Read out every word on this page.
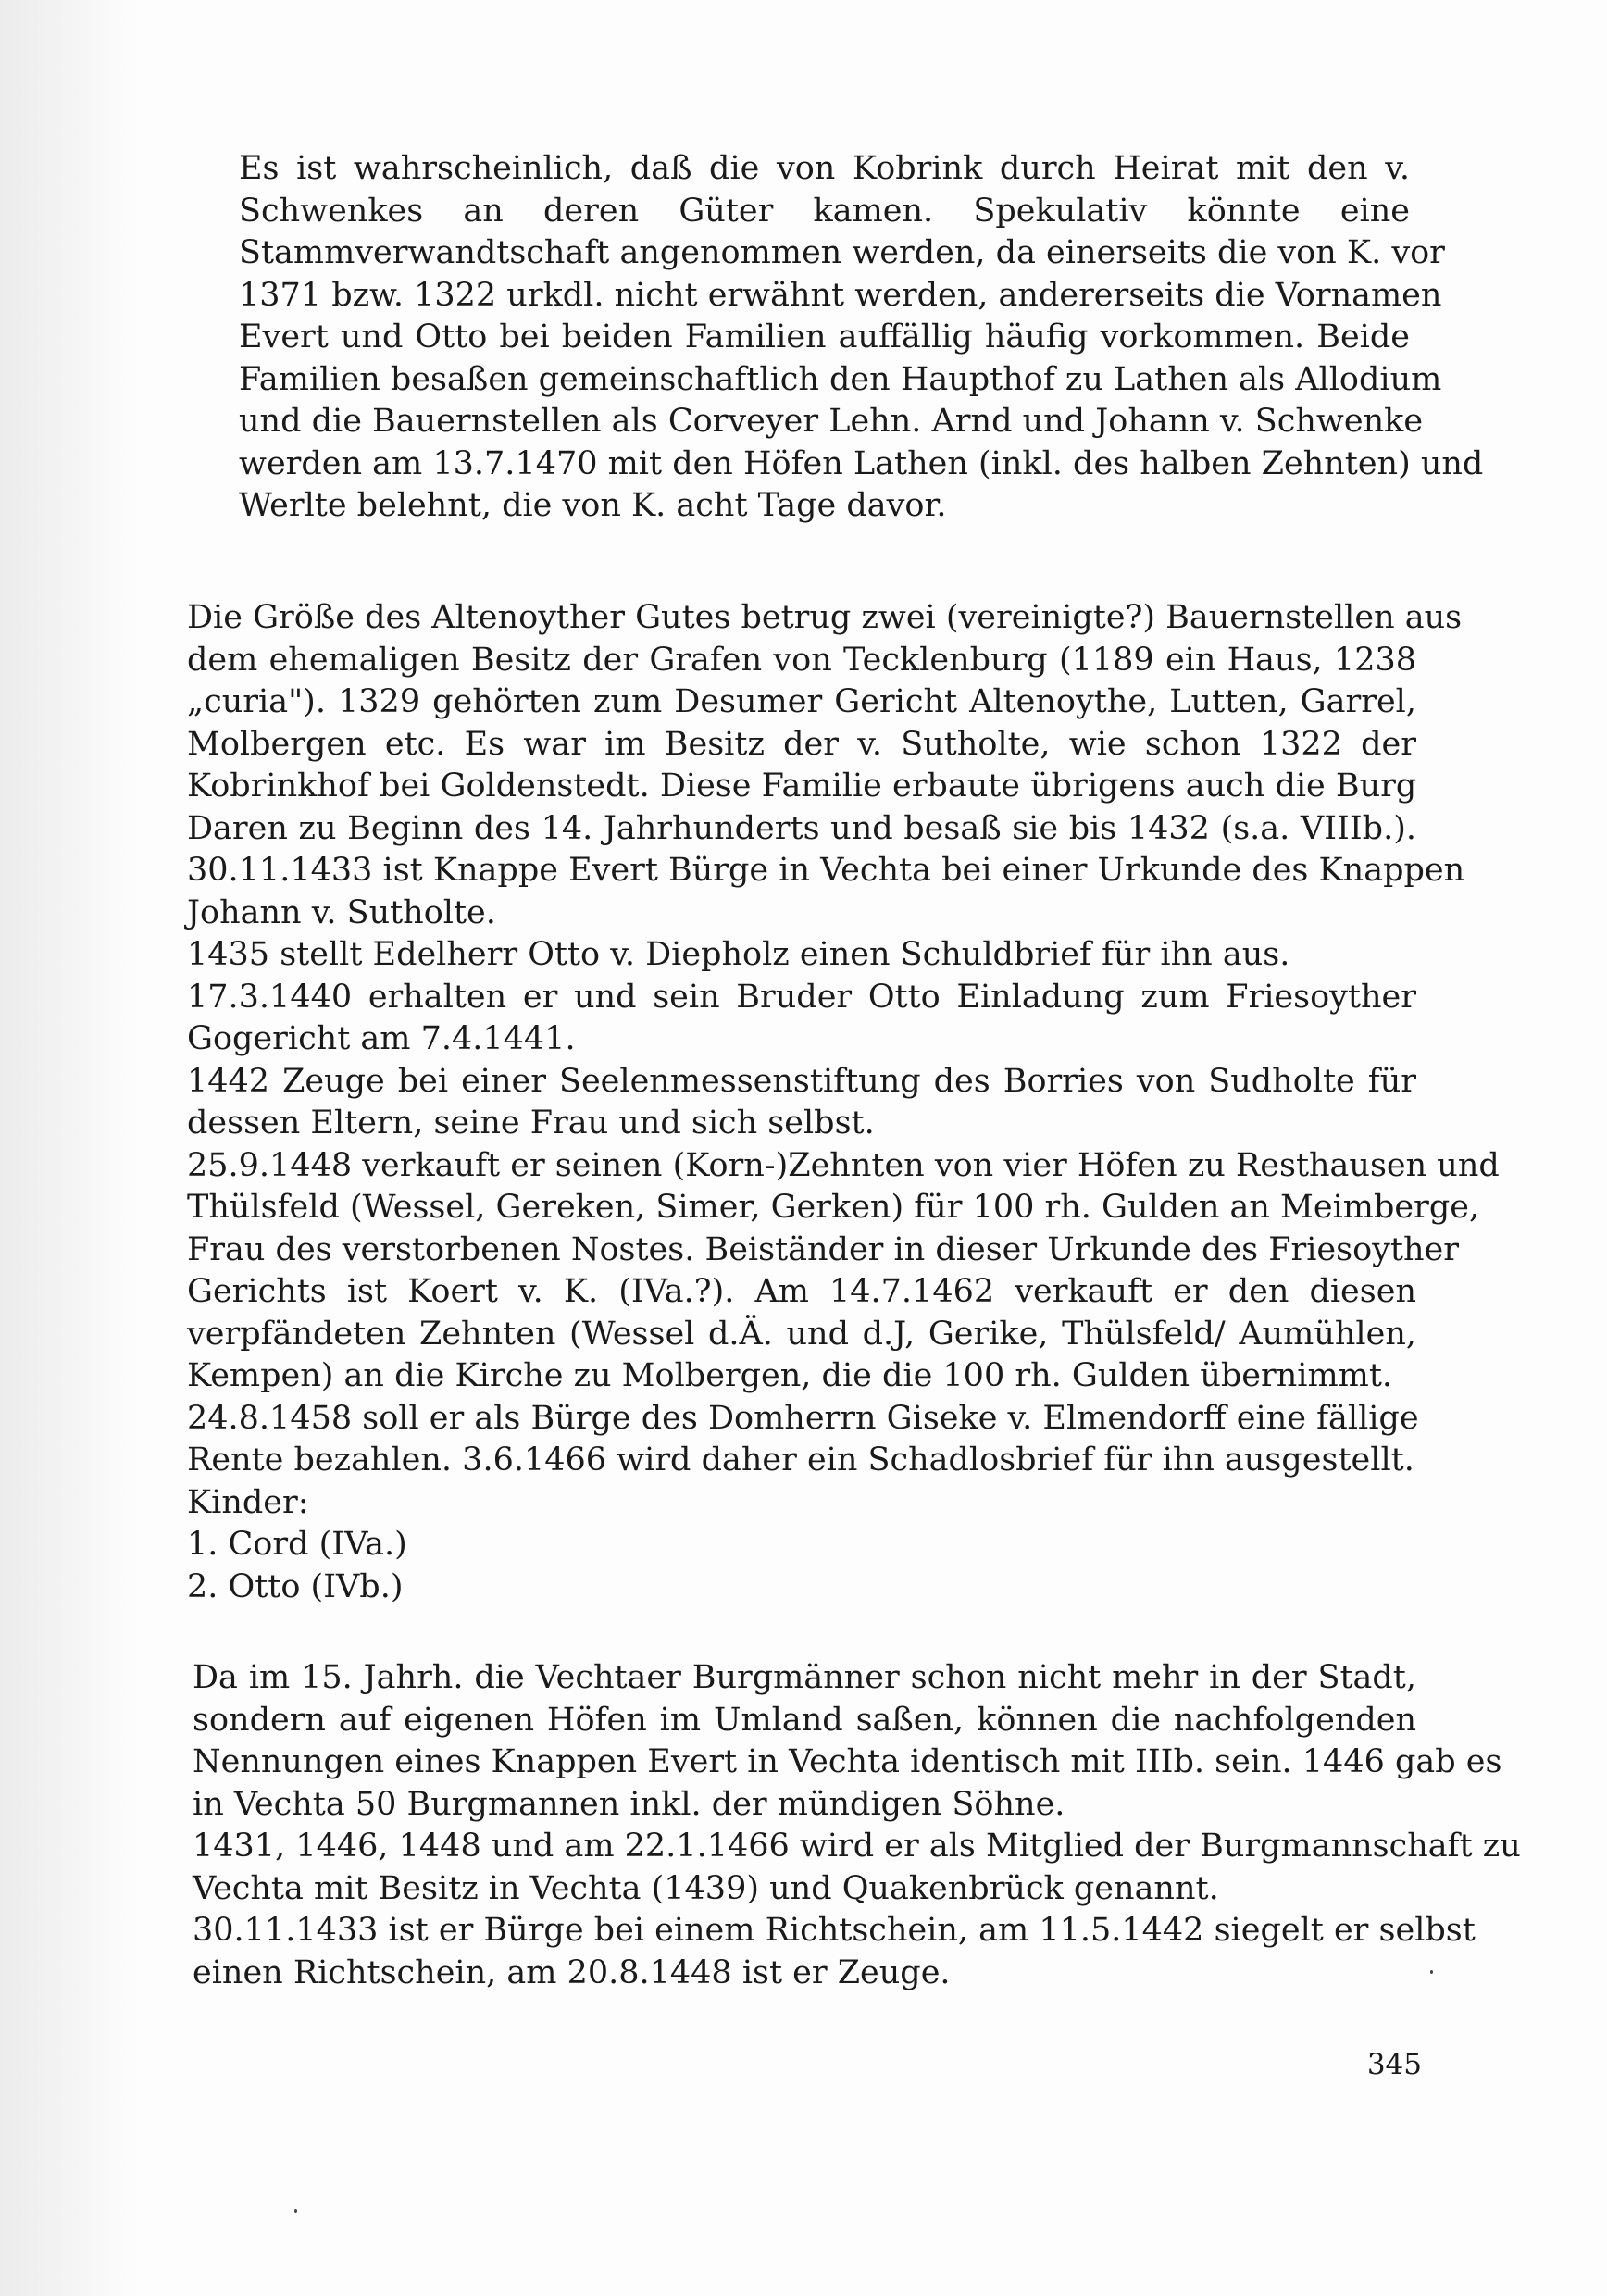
Es ist wahrscheinlich, daß die von Kobrink durch Heirat mit den v.

Schwenkes an deren Güter kamen. Spekulativ könnte eine

Stammverwandtschaft angenommen werden, da einerseits die von K. vor

1371 bzw. 1322 urkdl. nicht erwähnt werden, andererseits die Vornamen

Evert und Otto bei beiden Familien auffällig häufig vorkommen. Beide

Familien besaßen gemeinschaftlich den Haupthof zu Lathen als Allodium

und die Bauernstellen als Corveyer Lehn. Arnd und Johann v. Schwenke

werden am 13.7.1470 mit den Höfen Lathen (inkl. des halben Zehnten) und

Werlte belehnt, die von K. acht Tage davor.

Die Größe des Altenoyther Gutes betrug zwei (vereinigte?) Bauernstellen aus

dem ehemaligen Besitz der Grafen von Tecklenburg (1189 ein Haus, 1238

„curia"). 1329 gehörten zum Desumer Gericht Altenoythe, Lutten, Garrel,

Molbergen etc. Es war im Besitz der v. Sutholte, wie schon 1322 der

Kobrinkhof bei Goldenstedt. Diese Familie erbaute übrigens auch die Burg

Daren zu Beginn des 14. Jahrhunderts und besaß sie bis 1432 (s.a. VIIIb.).

30.11.1433 ist Knappe Evert Bürge in Vechta bei einer Urkunde des Knappen

Johann v. Sutholte.

1435 stellt Edelherr Otto v. Diepholz einen Schuldbrief für ihn aus.

17.3.1440 erhalten er und sein Bruder Otto Einladung zum Friesoyther

Gogericht am 7.4.1441.

1442 Zeuge bei einer Seelenmessenstiftung des Borries von Sudholte für

dessen Eltern, seine Frau und sich selbst.

25.9.1448 verkauft er seinen (Korn-)Zehnten von vier Höfen zu Resthausen und

Thülsfeld (Wessel, Gereken, Simer, Gerken) für 100 rh. Gulden an Meimberge,

Frau des verstorbenen Nostes. Beiständer in dieser Urkunde des Friesoyther

Gerichts ist Koert v. K. (IVa.?). Am 14.7.1462 verkauft er den diesen

verpfändeten Zehnten (Wessel d.Ä. und d.J, Gerike, Thülsfeld/ Aumühlen,

Kempen) an die Kirche zu Molbergen, die die 100 rh. Gulden übernimmt.

24.8.1458 soll er als Bürge des Domherrn Giseke v. Elmendorff eine fällige

Rente bezahlen. 3.6.1466 wird daher ein Schadlosbrief für ihn ausgestellt.

Kinder:

1. Cord (IVa.)

2. Otto (IVb.)

Da im 15. Jahrh. die Vechtaer Burgmänner schon nicht mehr in der Stadt,

sondern auf eigenen Höfen im Umland saßen, können die nachfolgenden

Nennungen eines Knappen Evert in Vechta identisch mit IIIb. sein. 1446 gab es

in Vechta 50 Burgmannen inkl. der mündigen Söhne.

1431, 1446, 1448 und am 22.1.1466 wird er als Mitglied der Burgmannschaft zu

Vechta mit Besitz in Vechta (1439) und Quakenbrück genannt.

30.11.1433 ist er Bürge bei einem Richtschein, am 11.5.1442 siegelt er selbst

einen Richtschein, am 20.8.1448 ist er Zeuge.

345
